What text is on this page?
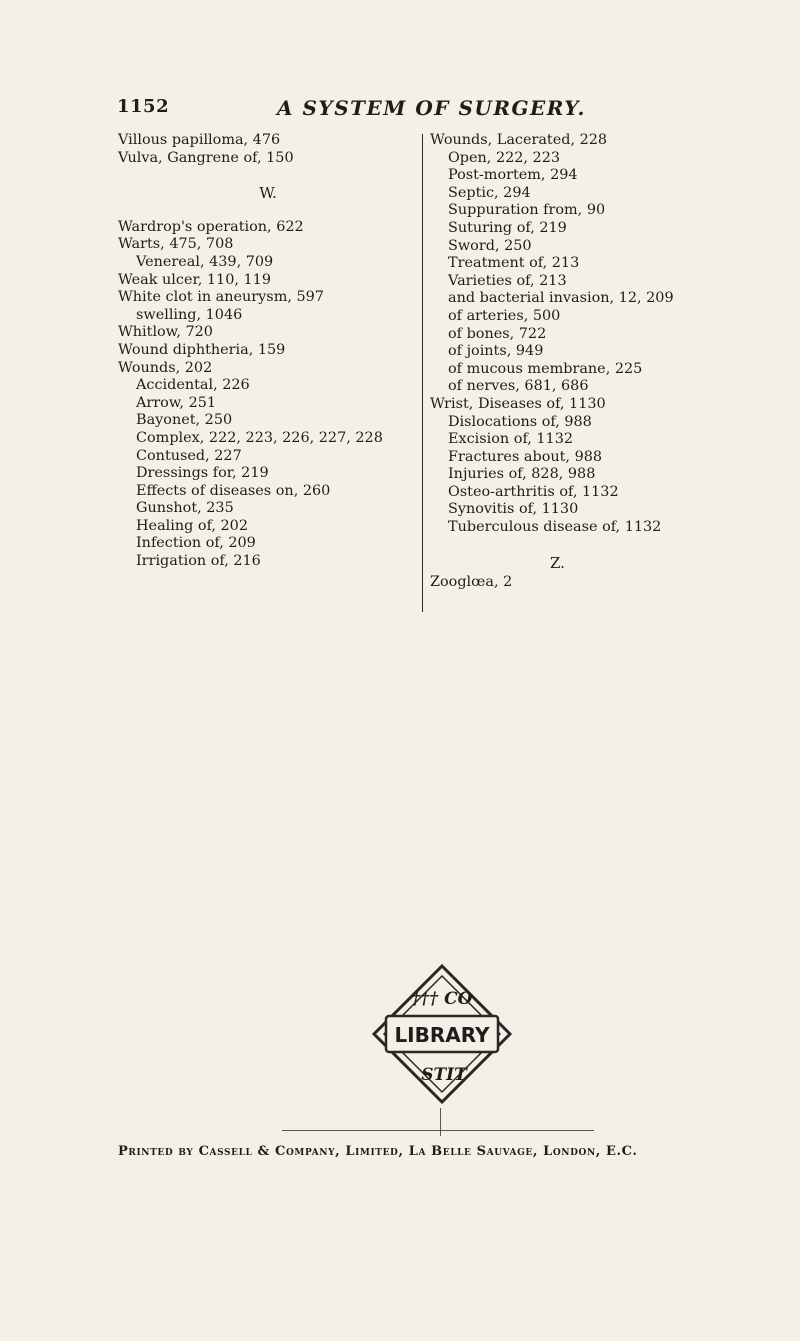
1152	A SYSTEM OF SURGERY.
Villous papilloma, 476
Vulva, Gangrene of, 150
W.
Wardrop's operation, 622
Warts, 475, 708
Venereal, 439, 709
Weak ulcer, 110, 119
White clot in aneurysm, 597
swelling, 1046
Whitlow, 720
Wound diphtheria, 159
Wounds, 202
Accidental, 226
Arrow, 251
Bayonet, 250
Complex, 222, 223, 226, 227, 228
Contused, 227
Dressings for, 219
Effects of diseases on, 260
Gunshot, 235
Healing of, 202
Infection of, 209
Irrigation of, 216
Wounds, Lacerated, 228
Open, 222, 223
Post-mortem, 294
Septic, 294
Suppuration from, 90
Suturing of, 219
Sword, 250
Treatment of, 213
Varieties of, 213
and bacterial invasion, 12, 209
of arteries, 500
of bones, 722
of joints, 949
of mucous membrane, 225
of nerves, 681, 686
Wrist, Diseases of, 1130
Dislocations of, 988
Excision of, 1132
Fractures about, 988
Injuries of, 828, 988
Osteo-arthritis of, 1132
Synovitis of, 1130
Tuberculous disease of, 1132
Z.
Zooglœa, 2
LIBRARY
††† CO
STIT
Printed by Cassell & Company, Limited, La Belle Sauvage, London, E.C.
